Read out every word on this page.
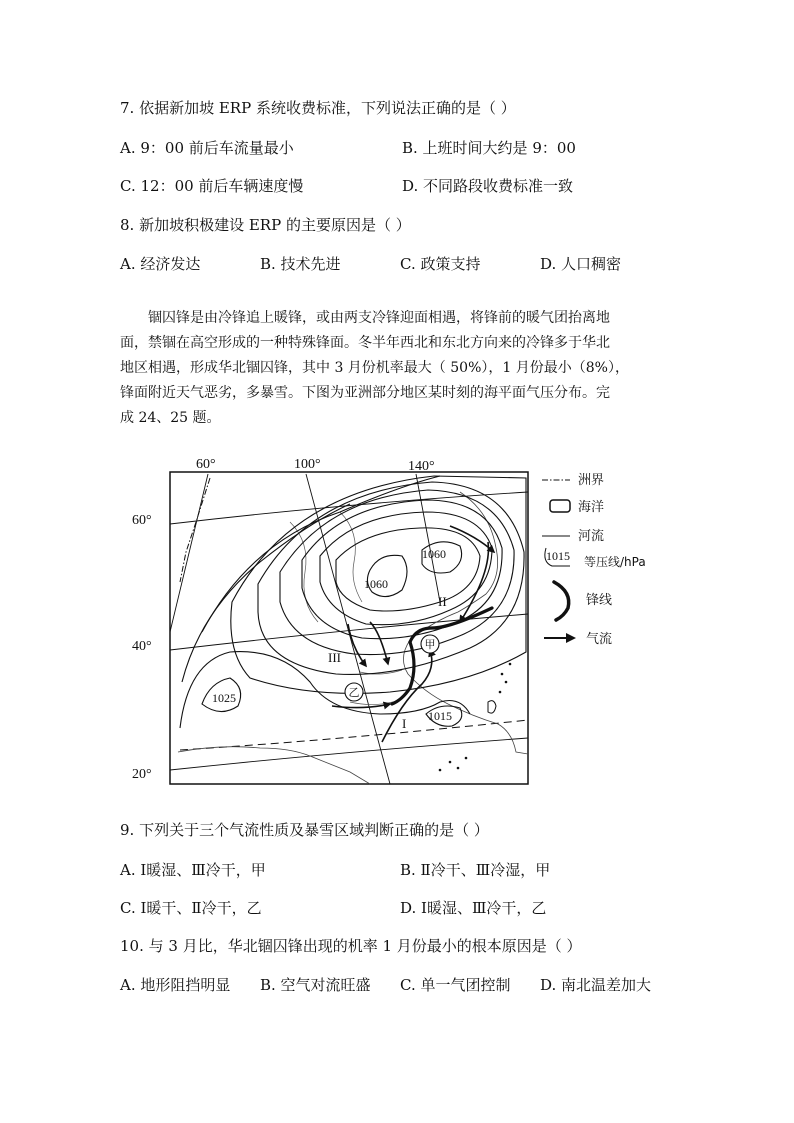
7. 依据新加坡 ERP 系统收费标准，下列说法正确的是（ ）
A. 9：00 前后车流量最小	B. 上班时间大约是 9：00
C. 12：00 前后车辆速度慢	D. 不同路段收费标准一致
8. 新加坡积极建设 ERP 的主要原因是（ ）
A. 经济发达	B. 技术先进	C. 政策支持	D. 人口稠密

锢囚锋是由冷锋追上暖锋，或由两支冷锋迎面相遇，将锋前的暖气团抬离地

面，禁锢在高空形成的一种特殊锋面。冬半年西北和东北方向来的冷锋多于华北
地区相遇，形成华北锢囚锋，其中 3 月份机率最大（ 50%），1 月份最小（8%），
锋面附近天气恶劣，多暴雪。下图为亚洲部分地区某时刻的海平面气压分布。完
成 24、25 题。
60°	100°	140°
60°
40°
20°
1060
1060
1025
1015
II
III
I
甲
乙
洲界
海洋
河流
1015 等压线/hPa
锋线
气流
9. 下列关于三个气流性质及暴雪区域判断正确的是（ ）
A. Ⅰ暖湿、Ⅲ冷干，甲	B. Ⅱ冷干、Ⅲ冷湿，甲
C. Ⅰ暖干、Ⅱ冷干，乙	D. Ⅰ暖湿、Ⅲ冷干，乙
10. 与 3 月比，华北锢囚锋出现的机率 1 月份最小的根本原因是（ ）
A. 地形阻挡明显 B. 空气对流旺盛 C. 单一气团控制 D. 南北温差加大
